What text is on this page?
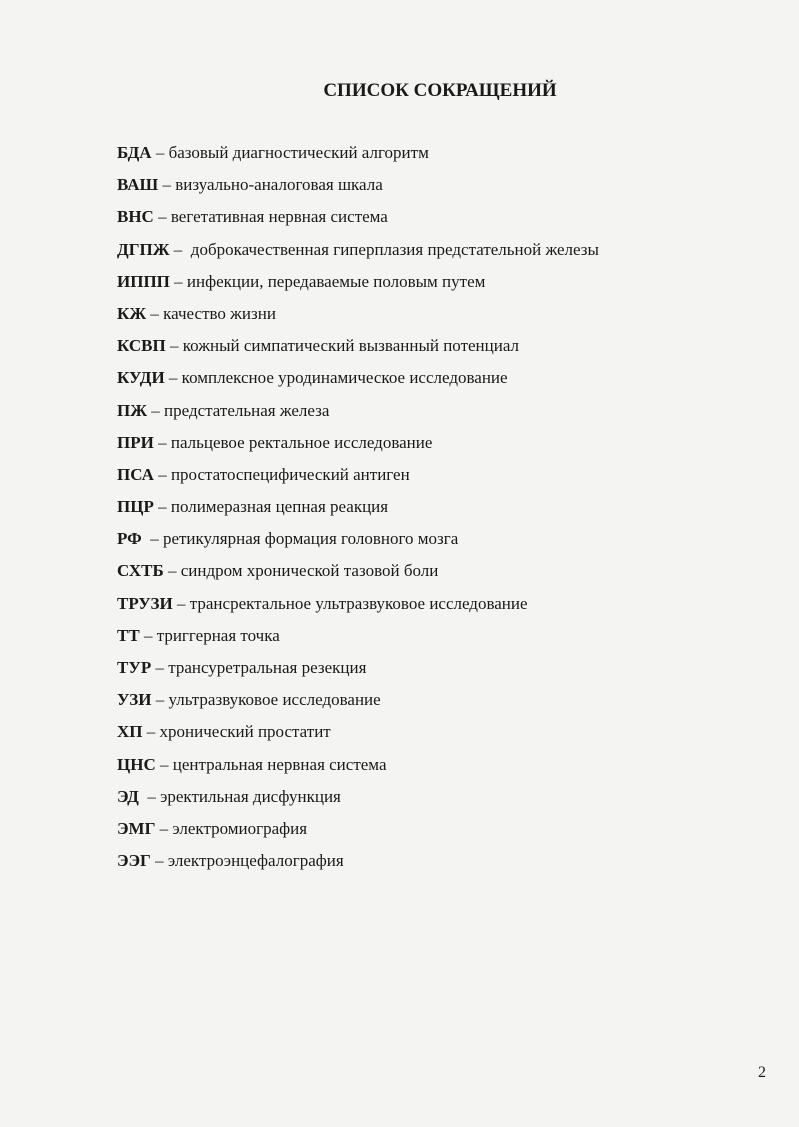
СПИСОК СОКРАЩЕНИЙ
БДА – базовый диагностический алгоритм
ВАШ – визуально-аналоговая шкала
ВНС – вегетативная нервная система
ДГПЖ –  доброкачественная гиперплазия предстательной железы
ИППП – инфекции, передаваемые половым путем
КЖ – качество жизни
КСВП – кожный симпатический вызванный потенциал
КУДИ – комплексное уродинамическое исследование
ПЖ – предстательная железа
ПРИ – пальцевое ректальное исследование
ПСА – простатоспецифический антиген
ПЦР – полимеразная цепная реакция
РФ  – ретикулярная формация головного мозга
СХТБ – синдром хронической тазовой боли
ТРУЗИ – трансректальное ультразвуковое исследование
ТТ – триггерная точка
ТУР – трансуретральная резекция
УЗИ – ультразвуковое исследование
ХП – хронический простатит
ЦНС – центральная нервная система
ЭД  – эректильная дисфункция
ЭМГ – электромиография
ЭЭГ – электроэнцефалография
2
